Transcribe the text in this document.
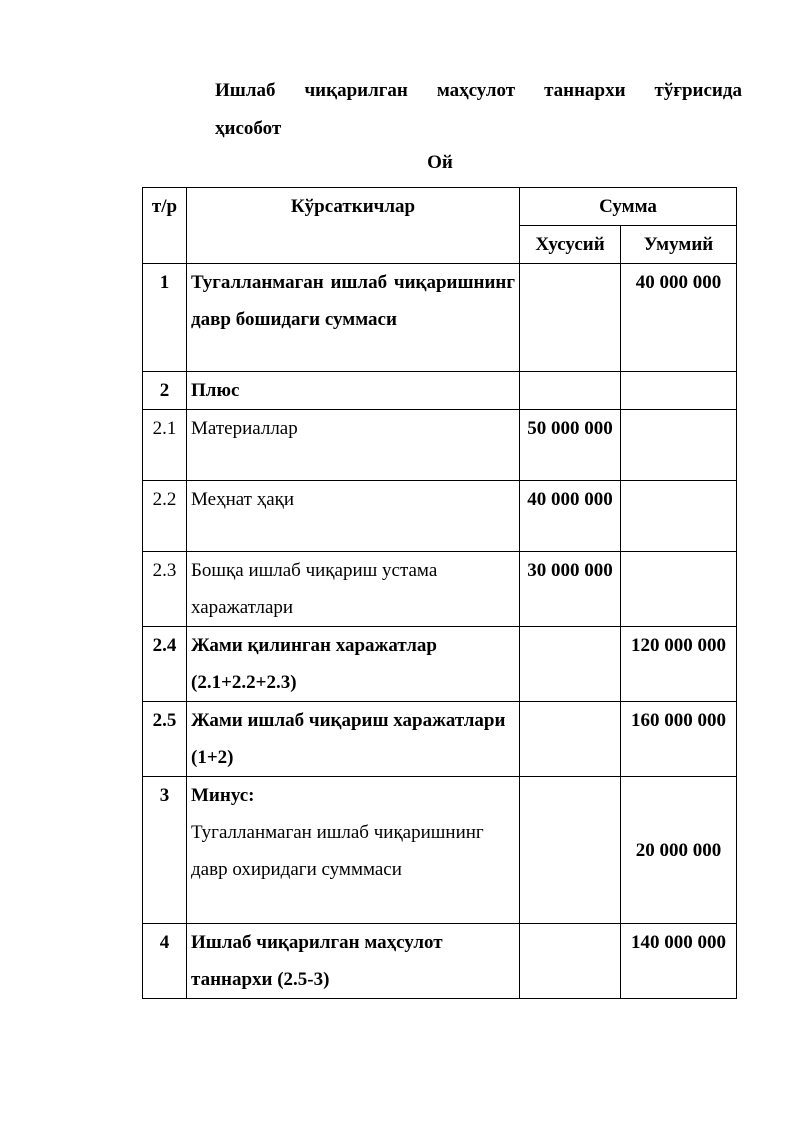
Ишлаб чиқарилган маҳсулот таннархи тўғрисида ҳисобот
Ой
т/р	Кўрсаткичлар	Сумма	
		Хусусий	Умумий
1	Тугалланмаган ишлаб чиқаришнинг давр бошидаги суммаси		40 000 000
2	Плюс		
2.1	Материаллар	50 000 000	
2.2	Меҳнат ҳақи	40 000 000	
2.3	Бошқа ишлаб чиқариш устама харажатлари	30 000 000	
2.4	Жами қилинган харажатлар (2.1+2.2+2.3)		120 000 000
2.5	Жами ишлаб чиқариш харажатлари (1+2)		160 000 000
3	Минус:
Тугалланмаган ишлаб чиқаришнинг давр охиридаги сумммаси		20 000 000
4	Ишлаб чиқарилган маҳсулот таннархи (2.5-3)		140 000 000
